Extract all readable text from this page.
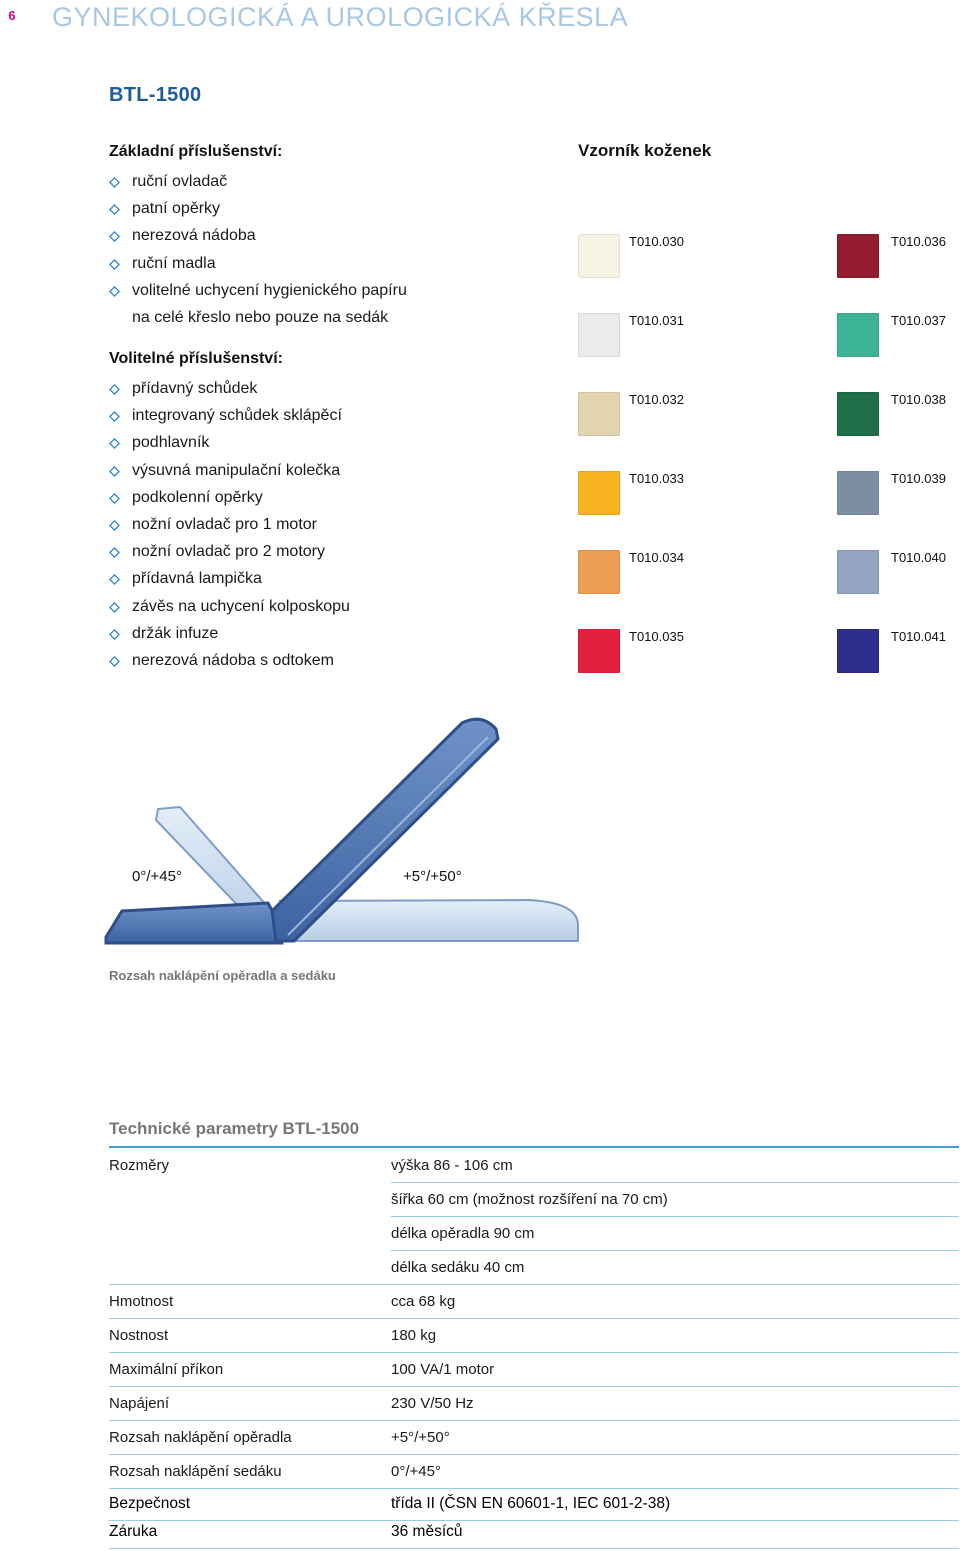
6	GYNEKOLOGICKÁ A UROLOGICKÁ KŘESLA
BTL-1500
Základní příslušenství:
ruční ovladač
patní opěrky
nerezová nádoba
ruční madla
volitelné uchycení hygienického papíru
na celé křeslo nebo pouze na sedák
Volitelné příslušenství:
přídavný schůdek
integrovaný schůdek sklápěcí
podhlavník
výsuvná manipulační kolečka
podkolenní opěrky
nožní ovladač pro 1 motor
nožní ovladač pro 2 motory
přídavná lampička
závěs na uchycení kolposkopu
držák infuze
nerezová nádoba s odtokem
Vzorník koženek
T010.030
T010.031
T010.032
T010.033
T010.034
T010.035
T010.036
T010.037
T010.038
T010.039
T010.040
T010.041
0°/+45°	+5°/+50°
Rozsah naklápění opěradla a sedáku
Technické parametry BTL-1500
Rozměry	výška 86 - 106 cm
šířka 60 cm (možnost rozšíření na 70 cm)
délka opěradla 90 cm
délka sedáku 40 cm
Hmotnost	cca 68 kg
Nostnost	180 kg
Maximální příkon	100 VA/1 motor
Napájení	230 V/50 Hz
Rozsah naklápění opěradla	+5°/+50°
Rozsah naklápění sedáku	0°/+45°
Bezpečnost	třída II (ČSN EN 60601-1, IEC 601-2-38)
Záruka	36 měsíců
